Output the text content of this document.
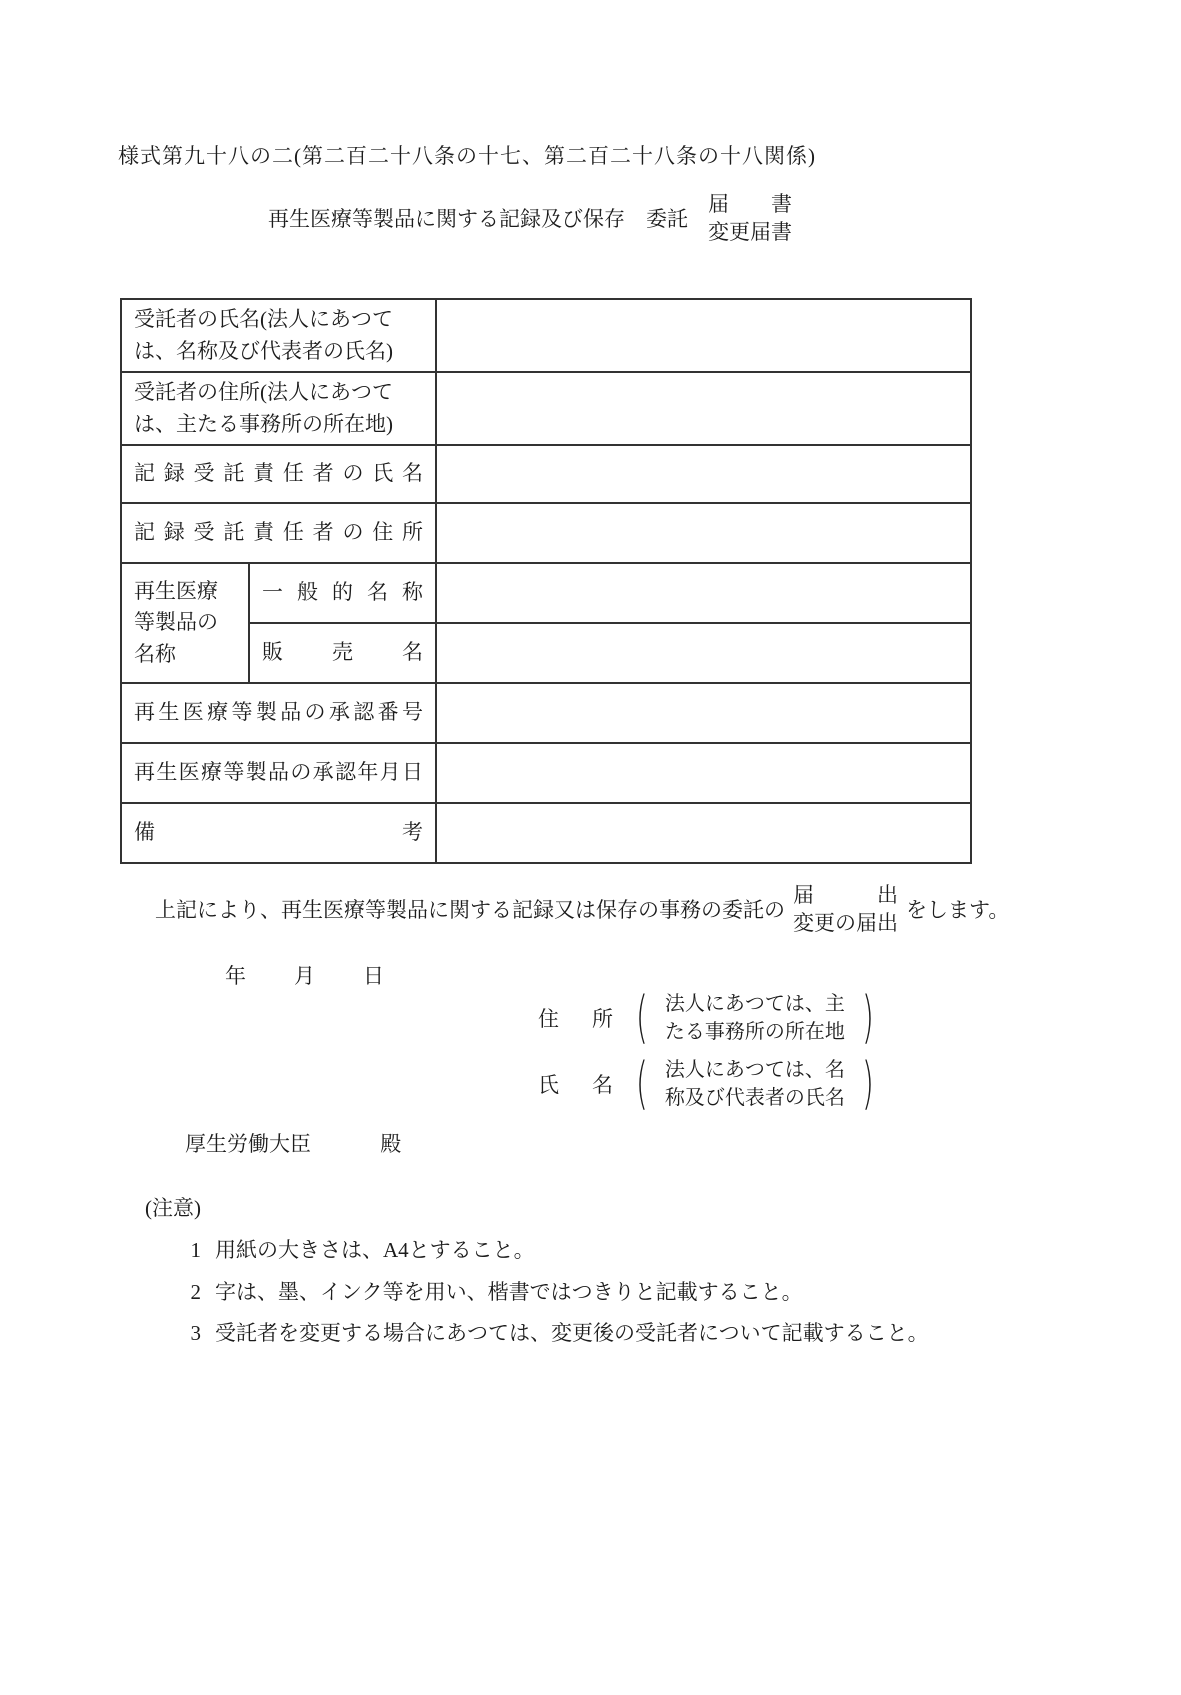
様式第九十八の二(第二百二十八条の十七、第二百二十八条の十八関係)
再生医療等製品に関する記録及び保存　委託
届書
変更届書
受託者の氏名(法人にあつては、名称及び代表者の氏名)		
受託者の住所(法人にあつては、主たる事務所の所在地)		
記録受託責任者の氏名		
記録受託責任者の住所		
再生医療等製品の名称	一般的名称	
	販売名	
再生医療等製品の承認番号		
再生医療等製品の承認年月日		
備考		
上記により、再生医療等製品に関する記録又は保存の事務の委託の
届出
変更の届出
をします。
年　　月　　日
住　所 ( 法人にあつては、主
たる事務所の所在地 )
氏　名 ( 法人にあつては、名
称及び代表者の氏名 )
厚生労働大臣	殿
(注意)
1 用紙の大きさは、A4とすること。
2 字は、墨、インク等を用い、楷書ではつきりと記載すること。
3 受託者を変更する場合にあつては、変更後の受託者について記載すること。
